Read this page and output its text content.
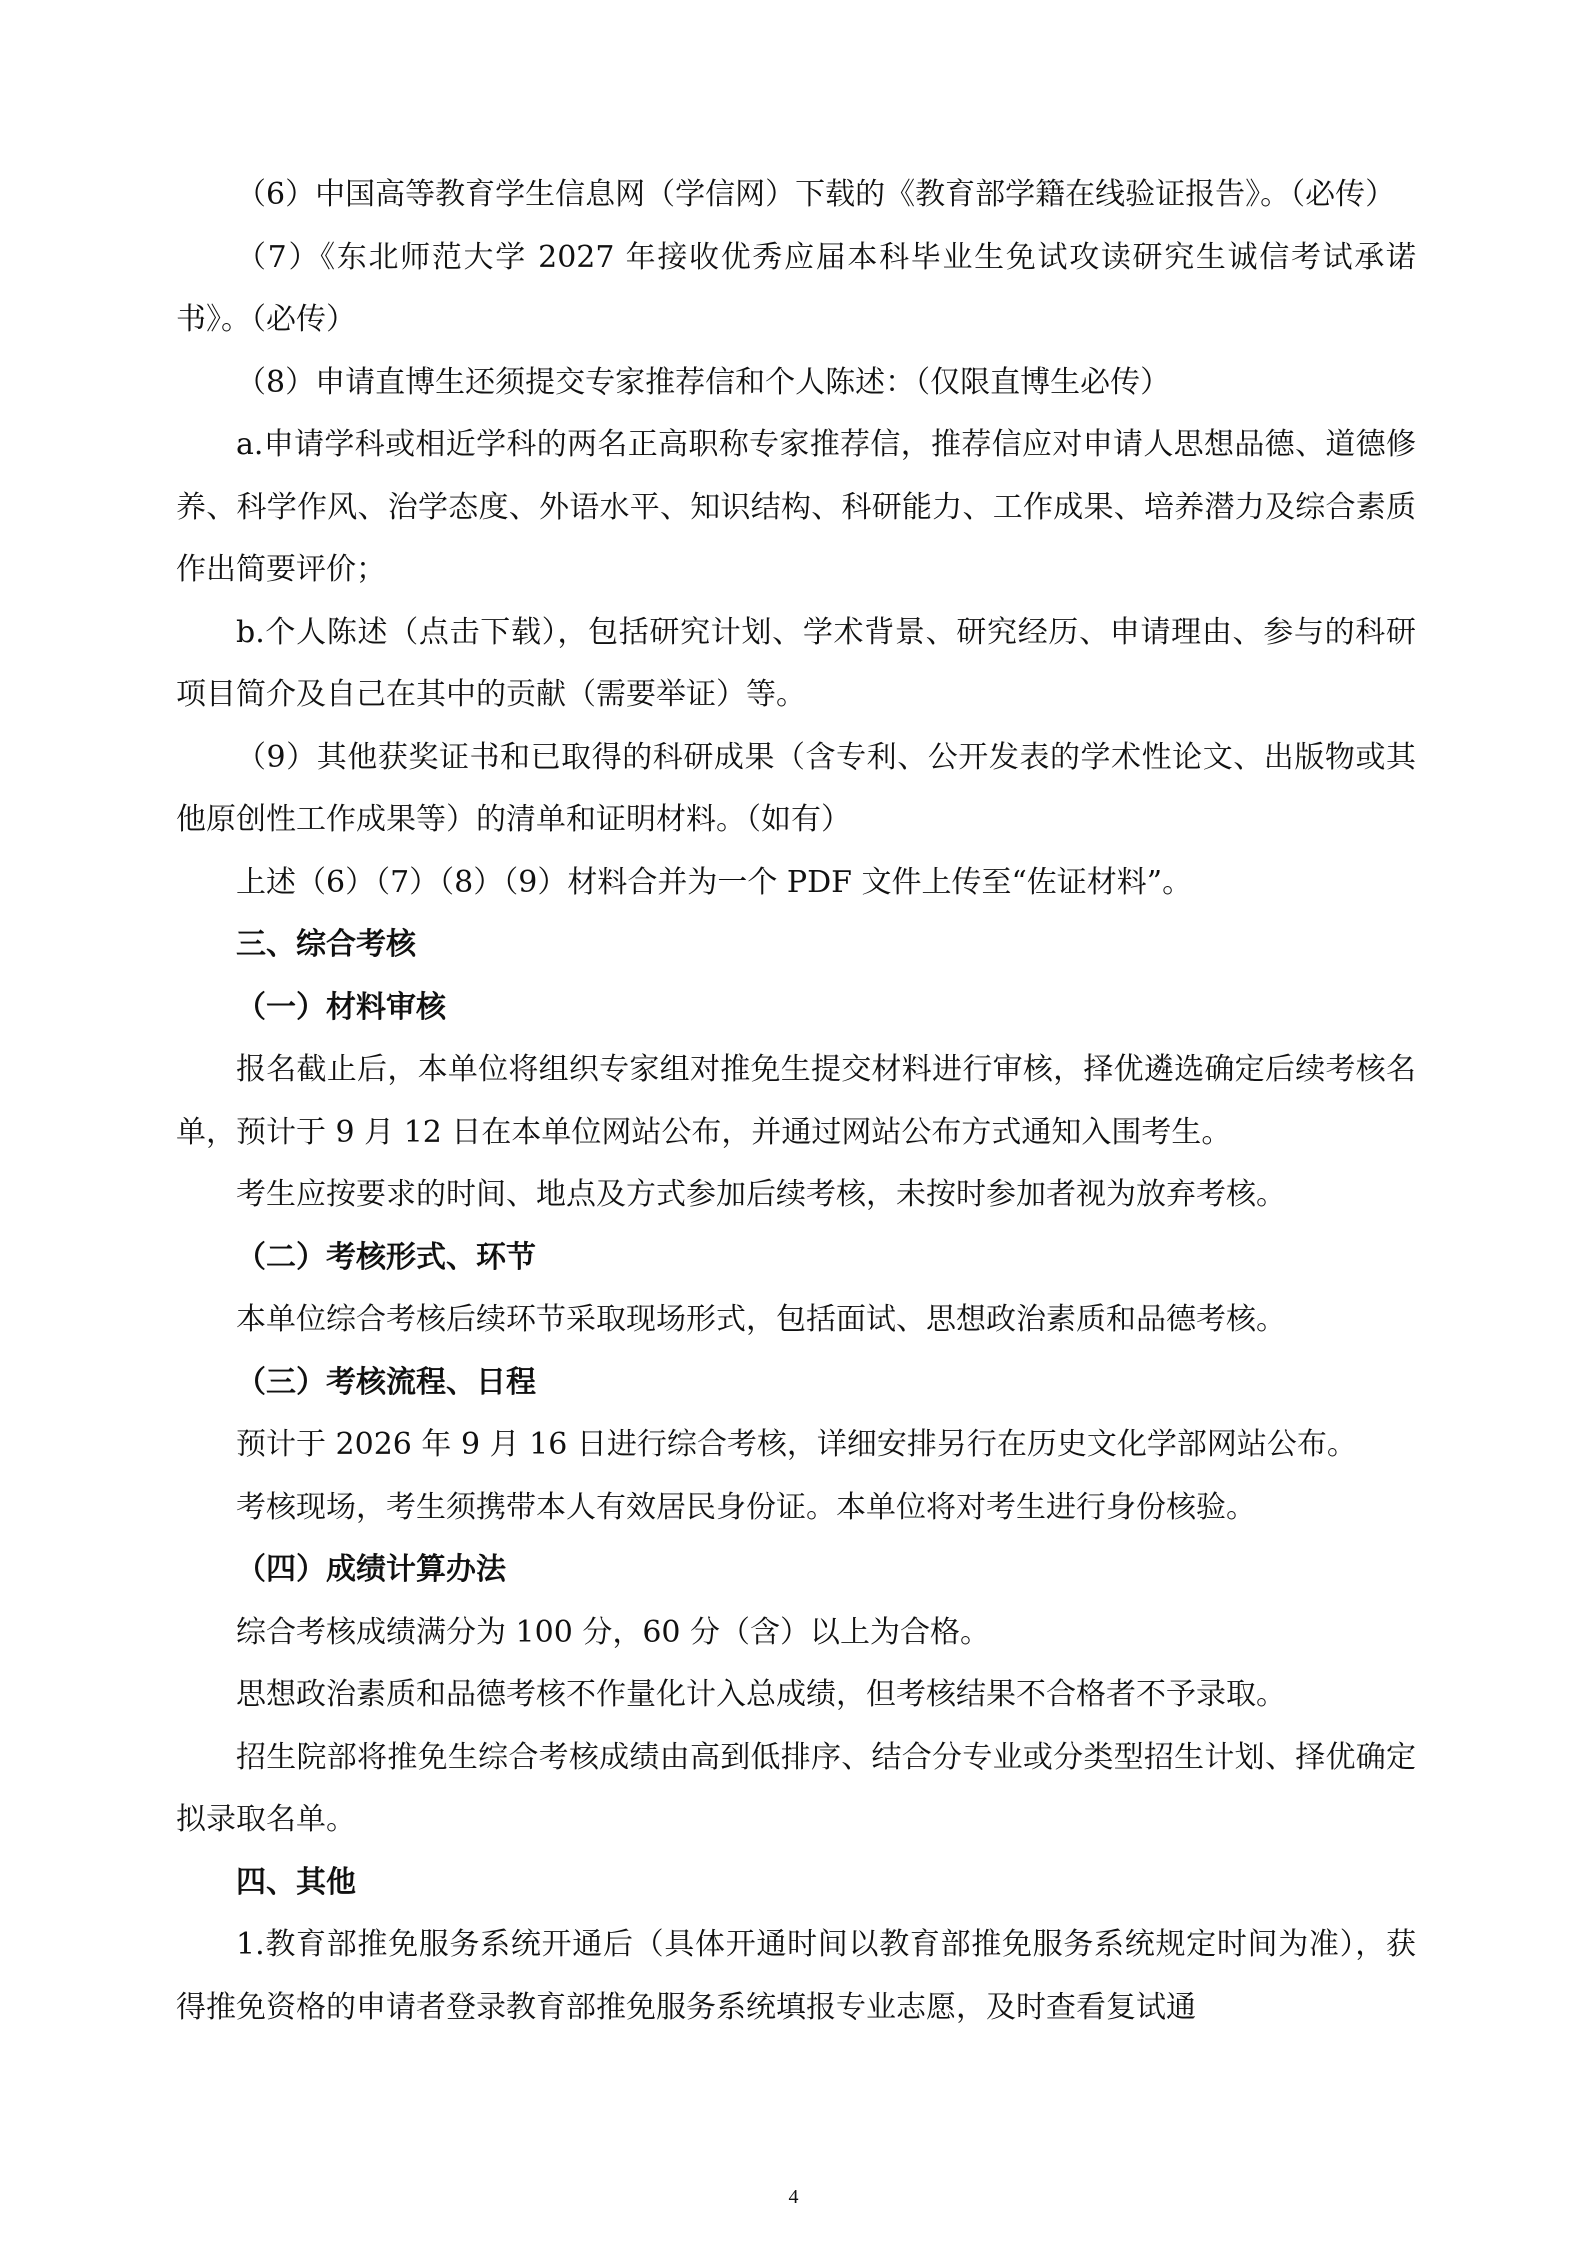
（6）中国高等教育学生信息网（学信网）下载的《教育部学籍在线验证报告》。（必传）

（7）《东北师范大学 2027 年接收优秀应届本科毕业生免试攻读研究生诚信考试承诺书》。（必传）

（8）申请直博生还须提交专家推荐信和个人陈述：（仅限直博生必传）

a.申请学科或相近学科的两名正高职称专家推荐信，推荐信应对申请人思想品德、道德修养、科学作风、治学态度、外语水平、知识结构、科研能力、工作成果、培养潜力及综合素质作出简要评价；

b.个人陈述（点击下载），包括研究计划、学术背景、研究经历、申请理由、参与的科研项目简介及自己在其中的贡献（需要举证）等。

（9）其他获奖证书和已取得的科研成果（含专利、公开发表的学术性论文、出版物或其他原创性工作成果等）的清单和证明材料。（如有）

上述（6）（7）（8）（9）材料合并为一个 PDF 文件上传至“佐证材料”。

三、综合考核

（一）材料审核

报名截止后，本单位将组织专家组对推免生提交材料进行审核，择优遴选确定后续考核名单，预计于 9 月 12 日在本单位网站公布，并通过网站公布方式通知入围考生。

考生应按要求的时间、地点及方式参加后续考核，未按时参加者视为放弃考核。

（二）考核形式、环节

本单位综合考核后续环节采取现场形式，包括面试、思想政治素质和品德考核。

（三）考核流程、日程

预计于 2026 年 9 月 16 日进行综合考核，详细安排另行在历史文化学部网站公布。

考核现场，考生须携带本人有效居民身份证。本单位将对考生进行身份核验。

（四）成绩计算办法

综合考核成绩满分为 100 分，60 分（含）以上为合格。

思想政治素质和品德考核不作量化计入总成绩，但考核结果不合格者不予录取。

招生院部将推免生综合考核成绩由高到低排序、结合分专业或分类型招生计划、择优确定拟录取名单。

四、其他

1.教育部推免服务系统开通后（具体开通时间以教育部推免服务系统规定时间为准），获得推免资格的申请者登录教育部推免服务系统填报专业志愿，及时查看复试通

4
